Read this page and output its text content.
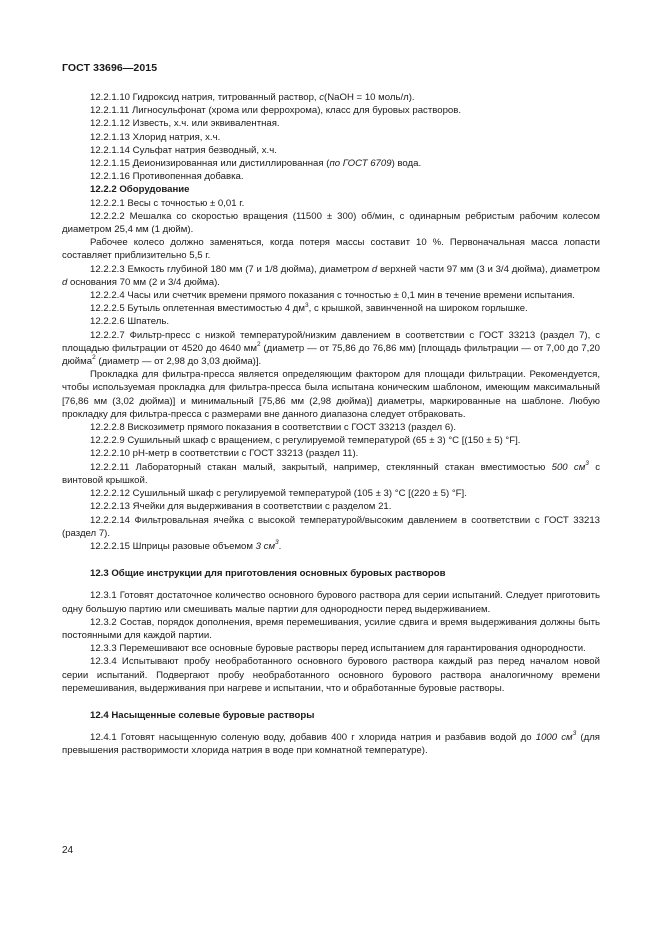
ГОСТ 33696—2015

12.2.1.10 Гидроксид натрия, титрованный раствор, c(NaOH = 10 моль/л).

12.2.1.11 Лигносульфонат (хрома или феррохрома), класс для буровых растворов.

12.2.1.12 Известь, х.ч. или эквивалентная.

12.2.1.13 Хлорид натрия, х.ч.

12.2.1.14 Сульфат натрия безводный, х.ч.

12.2.1.15 Деионизированная или дистиллированная (по ГОСТ 6709) вода.

12.2.1.16 Противопенная добавка.

12.2.2 Оборудование

12.2.2.1 Весы с точностью ± 0,01 г.

12.2.2.2 Мешалка со скоростью вращения (11500 ± 300) об/мин, с одинарным ребристым рабочим колесом диаметром 25,4 мм (1 дюйм).

Рабочее колесо должно заменяться, когда потеря массы составит 10 %. Первоначальная масса лопасти составляет приблизительно 5,5 г.

12.2.2.3 Емкость глубиной 180 мм (7 и 1/8 дюйма), диаметром d верхней части 97 мм (3 и 3/4 дюйма), диаметром d основания 70 мм (2 и 3/4 дюйма).

12.2.2.4 Часы или счетчик времени прямого показания с точностью ± 0,1 мин в течение времени испытания.

12.2.2.5 Бутыль оплетенная вместимостью 4 $дм^3$, с крышкой, завинченной на широком горлышке.

12.2.2.6 Шпатель.

12.2.2.7 Фильтр-пресс с низкой температурой/низким давлением в соответствии с ГОСТ 33213 (раздел 7), с площадью фильтрации от 4520 до 4640 $мм^2$ (диаметр — от 75,86 до 76,86 мм) [площадь фильтрации — от 7,00 до 7,20 дюйма$^2$ (диаметр — от 2,98 до 3,03 дюйма)].

Прокладка для фильтра-пресса является определяющим фактором для площади фильтрации. Рекомендуется, чтобы используемая прокладка для фильтра-пресса была испытана коническим шаблоном, имеющим максимальный [76,86 мм (3,02 дюйма)] и минимальный [75,86 мм (2,98 дюйма)] диаметры, маркированные на шаблоне. Любую прокладку для фильтра-пресса с размерами вне данного диапазона следует отбраковать.

12.2.2.8 Вискозиметр прямого показания в соответствии с ГОСТ 33213 (раздел 6).

12.2.2.9 Сушильный шкаф с вращением, с регулируемой температурой (65 ± 3) °С [(150 ± 5) °F].

12.2.2.10 рН-метр в соответствии с ГОСТ 33213 (раздел 11).

12.2.2.11 Лабораторный стакан малый, закрытый, например, стеклянный стакан вместимостью 500 $см^3$ с винтовой крышкой.

12.2.2.12 Сушильный шкаф с регулируемой температурой (105 ± 3) °С [(220 ± 5) °F].

12.2.2.13 Ячейки для выдерживания в соответствии с разделом 21.

12.2.2.14 Фильтровальная ячейка с высокой температурой/высоким давлением в соответствии с ГОСТ 33213 (раздел 7).

12.2.2.15 Шприцы разовые объемом 3 $см^3$.

12.3 Общие инструкции для приготовления основных буровых растворов

12.3.1 Готовят достаточное количество основного бурового раствора для серии испытаний. Следует приготовить одну большую партию или смешивать малые партии для однородности перед выдерживанием.

12.3.2 Состав, порядок дополнения, время перемешивания, усилие сдвига и время выдерживания должны быть постоянными для каждой партии.

12.3.3 Перемешивают все основные буровые растворы перед испытанием для гарантирования однородности.

12.3.4 Испытывают пробу необработанного основного бурового раствора каждый раз перед началом новой серии испытаний. Подвергают пробу необработанного основного бурового раствора аналогичному времени перемешивания, выдерживания при нагреве и испытании, что и обработанные буровые растворы.

12.4 Насыщенные солевые буровые растворы

12.4.1 Готовят насыщенную соленую воду, добавив 400 г хлорида натрия и разбавив водой до 1000 $см^3$ (для превышения растворимости хлорида натрия в воде при комнатной температуре).

24
